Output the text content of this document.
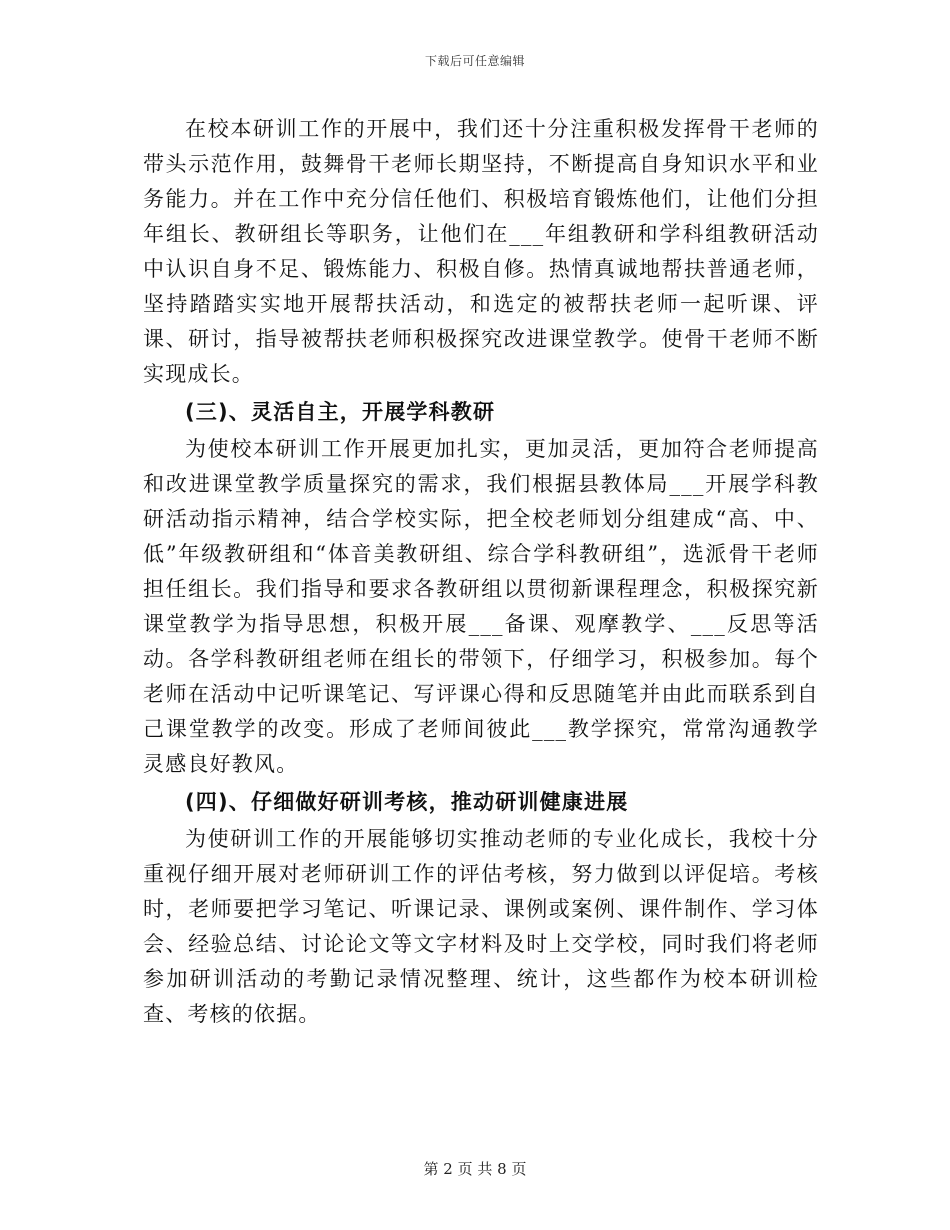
下载后可任意编辑

在校本研训工作的开展中，我们还十分注重积极发挥骨干老师的带头示范作用，鼓舞骨干老师长期坚持，不断提高自身知识水平和业务能力。并在工作中充分信任他们、积极培育锻炼他们，让他们分担年组长、教研组长等职务，让他们在___年组教研和学科组教研活动中认识自身不足、锻炼能力、积极自修。热情真诚地帮扶普通老师，坚持踏踏实实地开展帮扶活动，和选定的被帮扶老师一起听课、评课、研讨，指导被帮扶老师积极探究改进课堂教学。使骨干老师不断实现成长。

(三)、灵活自主，开展学科教研

为使校本研训工作开展更加扎实，更加灵活，更加符合老师提高和改进课堂教学质量探究的需求，我们根据县教体局___开展学科教研活动指示精神，结合学校实际，把全校老师划分组建成“高、中、低”年级教研组和“体音美教研组、综合学科教研组”，选派骨干老师担任组长。我们指导和要求各教研组以贯彻新课程理念，积极探究新课堂教学为指导思想，积极开展___备课、观摩教学、___反思等活动。各学科教研组老师在组长的带领下，仔细学习，积极参加。每个老师在活动中记听课笔记、写评课心得和反思随笔并由此而联系到自己课堂教学的改变。形成了老师间彼此___教学探究，常常沟通教学灵感良好教风。

(四)、仔细做好研训考核，推动研训健康进展

为使研训工作的开展能够切实推动老师的专业化成长，我校十分重视仔细开展对老师研训工作的评估考核，努力做到以评促培。考核时，老师要把学习笔记、听课记录、课例或案例、课件制作、学习体会、经验总结、讨论论文等文字材料及时上交学校，同时我们将老师参加研训活动的考勤记录情况整理、统计，这些都作为校本研训检查、考核的依据。

第 2 页 共 8 页
